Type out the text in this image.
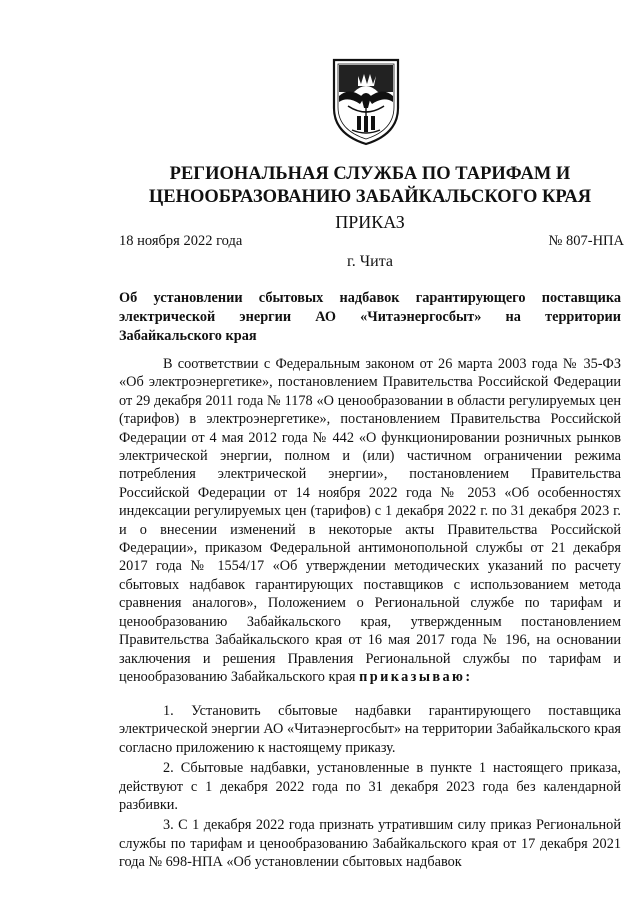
РЕГИОНАЛЬНАЯ СЛУЖБА ПО ТАРИФАМ И
ЦЕНООБРАЗОВАНИЮ ЗАБАЙКАЛЬСКОГО КРАЯ
ПРИКАЗ
18 ноября 2022 года	№ 807-НПА
г. Чита
Об установлении сбытовых надбавок гарантирующего поставщика электрической энергии АО «Читаэнергосбыт» на территории Забайкальского края
В соответствии с Федеральным законом от 26 марта 2003 года № 35-ФЗ «Об электроэнергетике», постановлением Правительства Российской Федерации от 29 декабря 2011 года № 1178 «О ценообразовании в области регулируемых цен (тарифов) в электроэнергетике», постановлением Правительства Российской Федерации от 4 мая 2012 года № 442 «О функционировании розничных рынков электрической энергии, полном и (или) частичном ограничении режима потребления электрической энергии», постановлением Правительства Российской Федерации от 14 ноября 2022 года № 2053 «Об особенностях индексации регулируемых цен (тарифов) с 1 декабря 2022 г. по 31 декабря 2023 г. и о внесении изменений в некоторые акты Правительства Российской Федерации», приказом Федеральной антимонопольной службы от 21 декабря 2017 года № 1554/17 «Об утверждении методических указаний по расчету сбытовых надбавок гарантирующих поставщиков с использованием метода сравнения аналогов», Положением о Региональной службе по тарифам и ценообразованию Забайкальского края, утвержденным постановлением Правительства Забайкальского края от 16 мая 2017 года № 196, на основании заключения и решения Правления Региональной службы по тарифам и ценообразованию Забайкальского края приказываю:
1. Установить сбытовые надбавки гарантирующего поставщика электрической энергии АО «Читаэнергосбыт» на территории Забайкальского края согласно приложению к настоящему приказу.
2. Сбытовые надбавки, установленные в пункте 1 настоящего приказа, действуют с 1 декабря 2022 года по 31 декабря 2023 года без календарной разбивки.
3. С 1 декабря 2022 года признать утратившим силу приказ Региональной службы по тарифам и ценообразованию Забайкальского края от 17 декабря 2021 года № 698-НПА «Об установлении сбытовых надбавок
